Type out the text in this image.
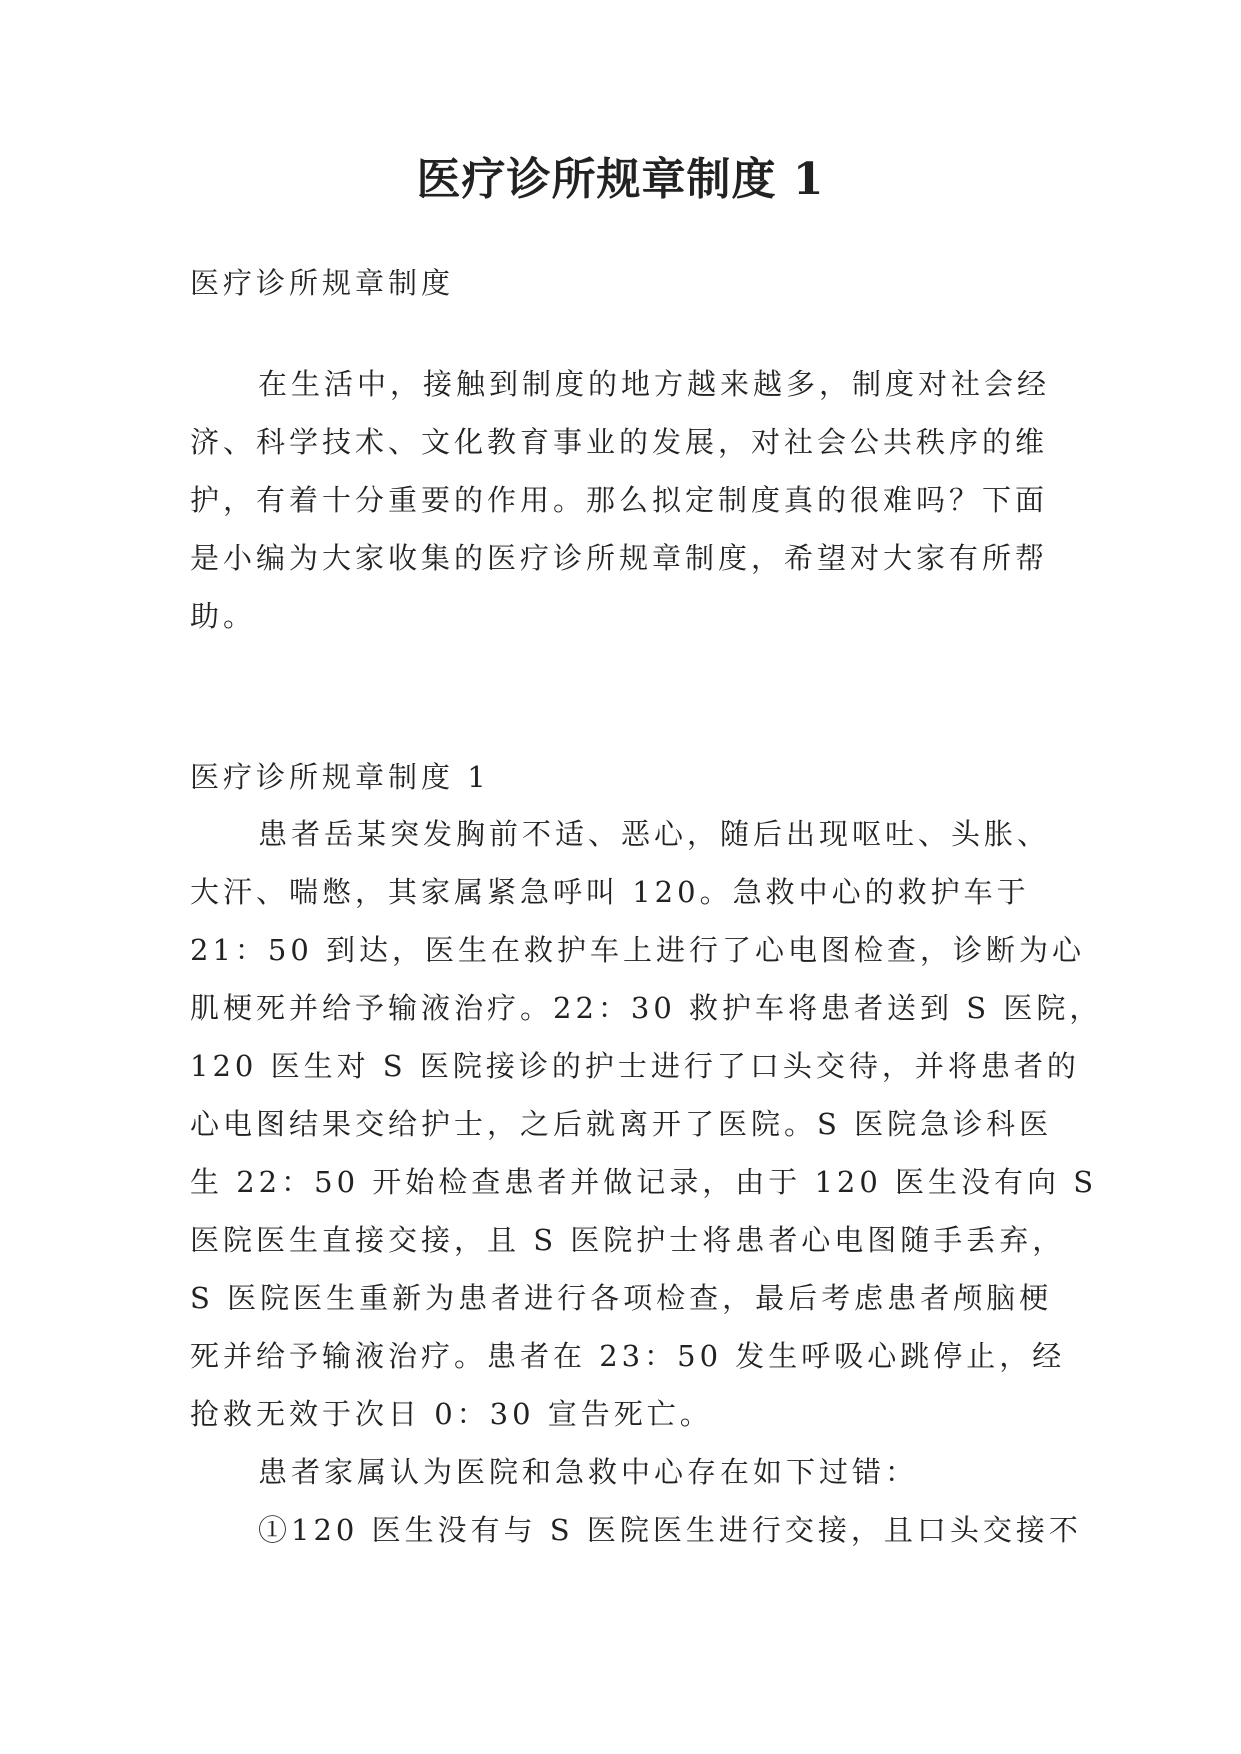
医疗诊所规章制度 1
医疗诊所规章制度
在生活中，接触到制度的地方越来越多，制度对社会经
济、科学技术、文化教育事业的发展，对社会公共秩序的维
护，有着十分重要的作用。那么拟定制度真的很难吗？下面
是小编为大家收集的医疗诊所规章制度，希望对大家有所帮
助。
医疗诊所规章制度 1
患者岳某突发胸前不适、恶心，随后出现呕吐、头胀、
大汗、喘憋，其家属紧急呼叫 120。急救中心的救护车于
21：50 到达，医生在救护车上进行了心电图检查，诊断为心
肌梗死并给予输液治疗。22：30 救护车将患者送到 S 医院，
120 医生对 S 医院接诊的护士进行了口头交待，并将患者的
心电图结果交给护士，之后就离开了医院。S 医院急诊科医
生 22：50 开始检查患者并做记录，由于 120 医生没有向 S
医院医生直接交接，且 S 医院护士将患者心电图随手丢弃，
S 医院医生重新为患者进行各项检查，最后考虑患者颅脑梗
死并给予输液治疗。患者在 23：50 发生呼吸心跳停止，经
抢救无效于次日 0：30 宣告死亡。
患者家属认为医院和急救中心存在如下过错：
①120 医生没有与 S 医院医生进行交接，且口头交接不
